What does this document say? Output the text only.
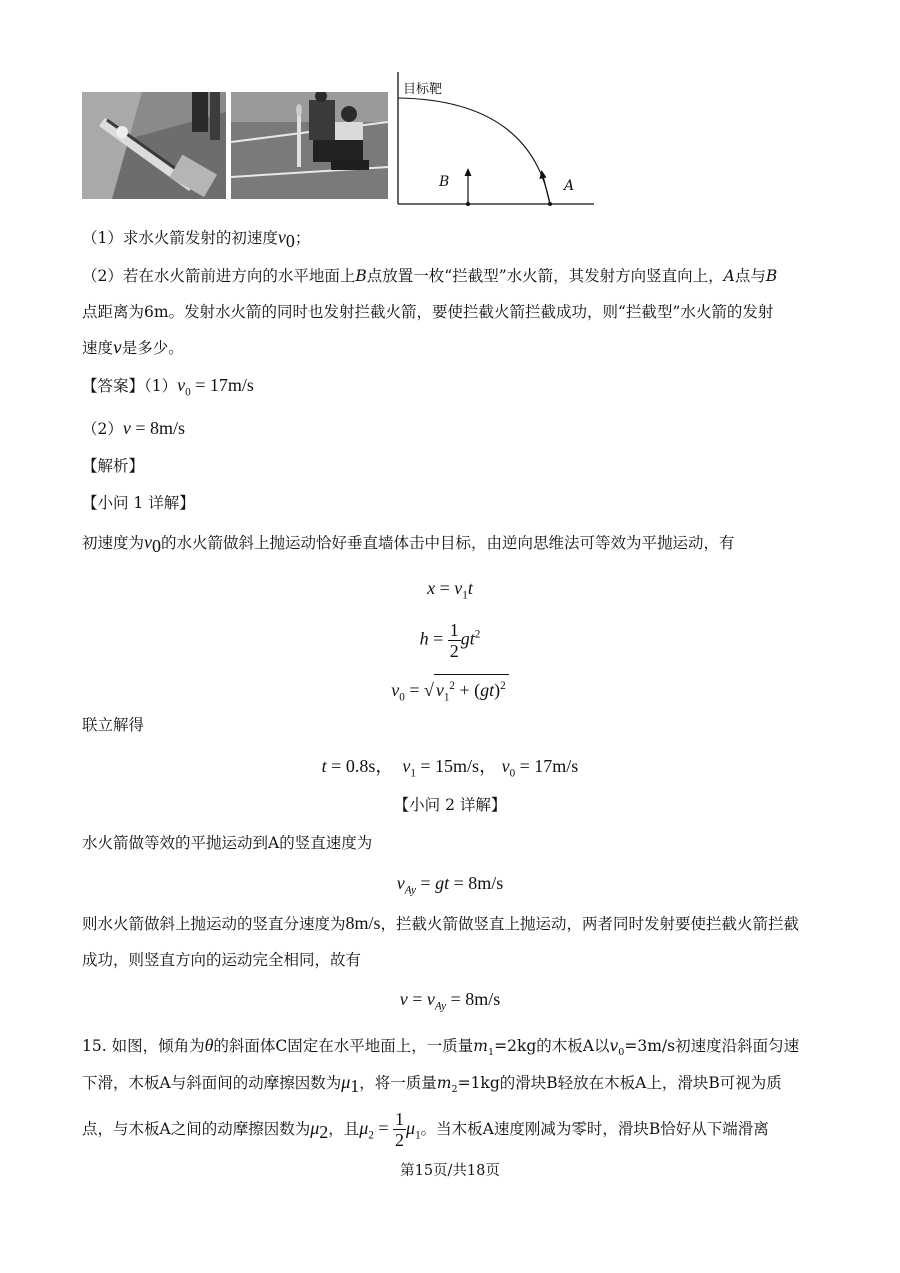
目标靶
B	A
（1）求水火箭发射的初速度$v_0$；
（2）若在水火箭前进方向的水平地面上B点放置一枚“拦截型”水火箭，其发射方向竖直向上，A点与B
点距离为6m。发射水火箭的同时也发射拦截火箭，要使拦截火箭拦截成功，则“拦截型”水火箭的发射
速度v是多少。
【答案】$(1)v_0 = 17m/s$
（2）v = 8m/s
【解析】
【小问 1 详解】
初速度为$v_0$的水火箭做斜上抛运动恰好垂直墙体击中目标，由逆向思维法可等效为平抛运动，有
$x = v_1t$
$h = \frac{1}{2} gt^2$
$v_0$ = √ $v_1^2 + (gt)^2$
联立解得
t = 0.8s， $v_1 = 15m/s$， $v_0 = 17m/s$
【小问 2 详解】
水火箭做等效的平抛运动到A的竖直速度为
$v_{Ay}$ = gt = 8m/s
则水火箭做斜上抛运动的竖直分速度为8m/s，拦截火箭做竖直上抛运动，两者同时发射要使拦截火箭拦截
成功，则竖直方向的运动完全相同，故有
$v = v_{Ay} = 8m/s$
15. 如图，倾角为θ的斜面体C固定在水平地面上，一质量$m_1=2kg$的木板A以$v_0=3m/s$初速度沿斜面匀速
下滑，木板A与斜面间的动摩擦因数为$\mu_1$，将一质量$m_2=1kg$的滑块B轻放在木板A上，滑块B可视为质
点，与木板A之间的动摩擦因数为$\mu_2$，且$\mu_2 = \frac{1}{2} \mu_1$。当木板A速度刚减为零时，滑块B恰好从下端滑离
第15页/共18页
